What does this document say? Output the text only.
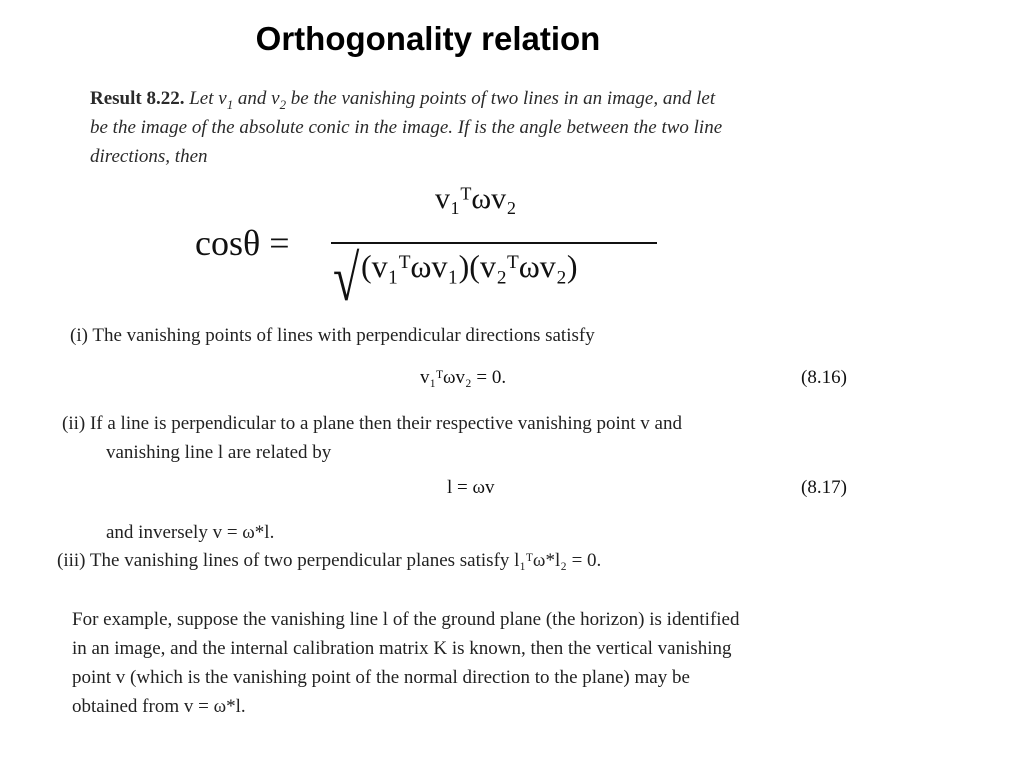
Orthogonality relation
Result 8.22. Let $v_1$ and $v_2$ be the vanishing points of two lines in an image, and let
be the image of the absolute conic in the image. If is the angle between the two line
directions, then
cosθ =
v₁ᵀωv₂
√ (v₁ᵀωv₁)(v₂ᵀωv₂)
(i) The vanishing points of lines with perpendicular directions satisfy
v₁ᵀωv₂ = 0.	(8.16)
(ii) If a line is perpendicular to a plane then their respective vanishing point v and
vanishing line l are related by
l = ωv	(8.17)
and inversely v = ω*l.
(iii) The vanishing lines of two perpendicular planes satisfy l₁ᵀω*l₂ = 0.
For example, suppose the vanishing line l of the ground plane (the horizon) is identified
in an image, and the internal calibration matrix K is known, then the vertical vanishing
point v (which is the vanishing point of the normal direction to the plane) may be
obtained from v = ω*l.
